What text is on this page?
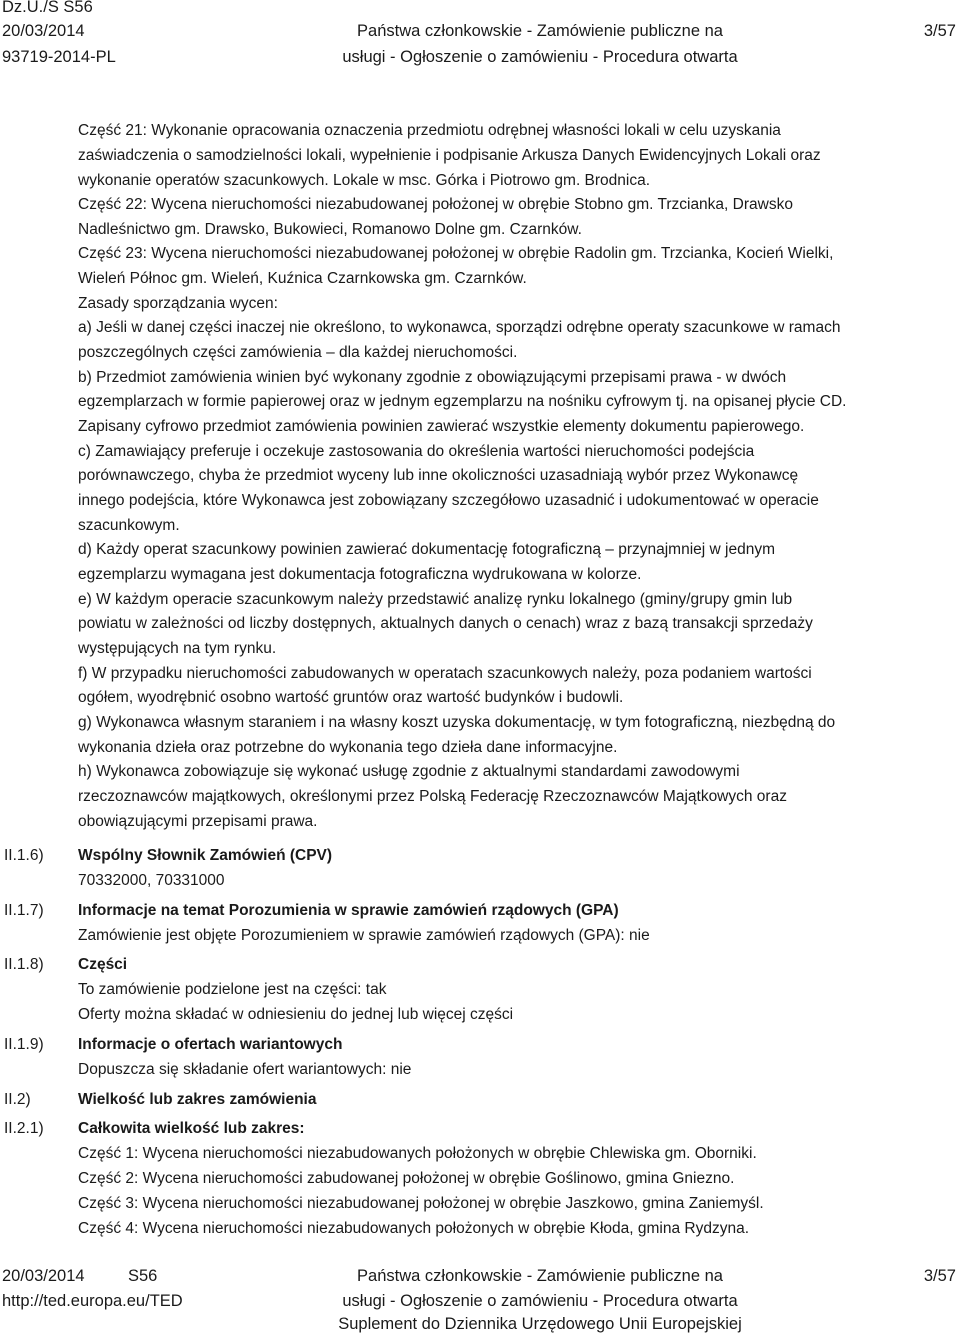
Dz.U./S S56
20/03/2014
93719-2014-PL
Państwa członkowskie - Zamówienie publiczne na
usługi - Ogłoszenie o zamówieniu - Procedura otwarta
3/57
Część 21: Wykonanie opracowania oznaczenia przedmiotu odrębnej własności lokali w celu uzyskania
zaświadczenia o samodzielności lokali, wypełnienie i podpisanie Arkusza Danych Ewidencyjnych Lokali oraz
wykonanie operatów szacunkowych. Lokale w msc. Górka i Piotrowo gm. Brodnica.
Część 22: Wycena nieruchomości niezabudowanej położonej w obrębie Stobno gm. Trzcianka, Drawsko
Nadleśnictwo gm. Drawsko, Bukowieci, Romanowo Dolne gm. Czarnków.
Część 23: Wycena nieruchomości niezabudowanej położonej w obrębie Radolin gm. Trzcianka, Kocień Wielki,
Wieleń Północ gm. Wieleń, Kuźnica Czarnkowska gm. Czarnków.
Zasady sporządzania wycen:
a) Jeśli w danej części inaczej nie określono, to wykonawca, sporządzi odrębne operaty szacunkowe w ramach
poszczególnych części zamówienia – dla każdej nieruchomości.
b) Przedmiot zamówienia winien być wykonany zgodnie z obowiązującymi przepisami prawa - w dwóch
egzemplarzach w formie papierowej oraz w jednym egzemplarzu na nośniku cyfrowym tj. na opisanej płycie CD.
Zapisany cyfrowo przedmiot zamówienia powinien zawierać wszystkie elementy dokumentu papierowego.
c) Zamawiający preferuje i oczekuje zastosowania do określenia wartości nieruchomości podejścia
porównawczego, chyba że przedmiot wyceny lub inne okoliczności uzasadniają wybór przez Wykonawcę
innego podejścia, które Wykonawca jest zobowiązany szczegółowo uzasadnić i udokumentować w operacie
szacunkowym.
d) Każdy operat szacunkowy powinien zawierać dokumentację fotograficzną – przynajmniej w jednym
egzemplarzu wymagana jest dokumentacja fotograficzna wydrukowana w kolorze.
e) W każdym operacie szacunkowym należy przedstawić analizę rynku lokalnego (gminy/grupy gmin lub
powiatu w zależności od liczby dostępnych, aktualnych danych o cenach) wraz z bazą transakcji sprzedaży
występujących na tym rynku.
f) W przypadku nieruchomości zabudowanych w operatach szacunkowych należy, poza podaniem wartości
ogółem, wyodrębnić osobno wartość gruntów oraz wartość budynków i budowli.
g) Wykonawca własnym staraniem i na własny koszt uzyska dokumentację, w tym fotograficzną, niezbędną do
wykonania dzieła oraz potrzebne do wykonania tego dzieła dane informacyjne.
h) Wykonawca zobowiązuje się wykonać usługę zgodnie z aktualnymi standardami zawodowymi
rzeczoznawców majątkowych, określonymi przez Polską Federację Rzeczoznawców Majątkowych oraz
obowiązującymi przepisami prawa.
II.1.6) Wspólny Słownik Zamówień (CPV)
70332000, 70331000
II.1.7) Informacje na temat Porozumienia w sprawie zamówień rządowych (GPA)
Zamówienie jest objęte Porozumieniem w sprawie zamówień rządowych (GPA): nie
II.1.8) Części
To zamówienie podzielone jest na części: tak
Oferty można składać w odniesieniu do jednej lub więcej części
II.1.9) Informacje o ofertach wariantowych
Dopuszcza się składanie ofert wariantowych: nie
II.2)	Wielkość lub zakres zamówienia
II.2.1) Całkowita wielkość lub zakres:
Część 1: Wycena nieruchomości niezabudowanych położonych w obrębie Chlewiska gm. Oborniki.
Część 2: Wycena nieruchomości zabudowanej położonej w obrębie Goślinowo, gmina Gniezno.
Część 3: Wycena nieruchomości niezabudowanej położonej w obrębie Jaszkowo, gmina Zaniemyśl.
Część 4: Wycena nieruchomości niezabudowanych położonych w obrębie Kłoda, gmina Rydzyna.
20/03/2014	S56
http://ted.europa.eu/TED
Państwa członkowskie - Zamówienie publiczne na
usługi - Ogłoszenie o zamówieniu - Procedura otwarta
Suplement do Dziennika Urzędowego Unii Europejskiej
3/57
